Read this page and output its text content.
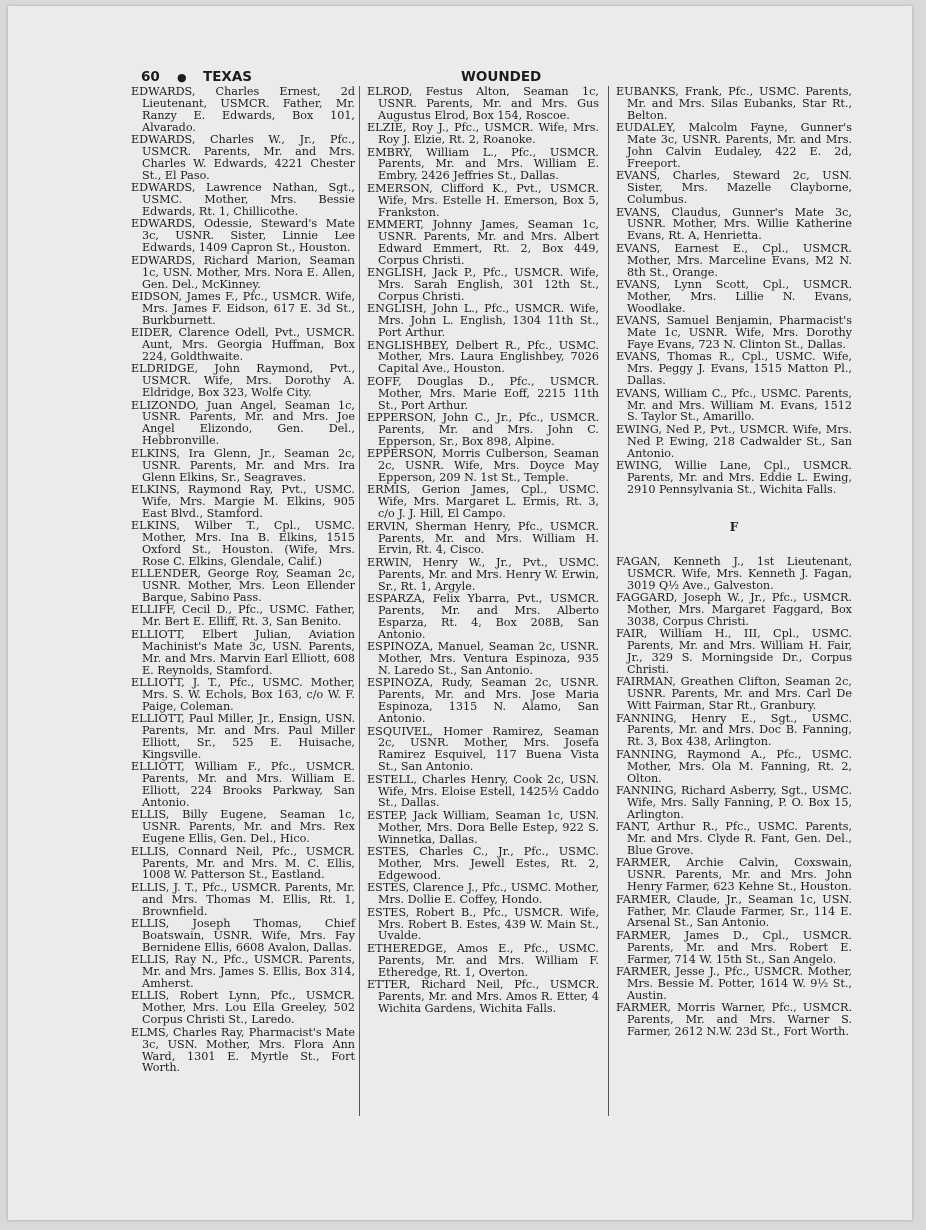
60 ● TEXAS	WOUNDED

EDWARDS, Charles Ernest, 2d Lieutenant, USMCR. Father, Mr. Ranzy E. Edwards, Box 101, Alvarado.

EDWARDS, Charles W., Jr., Pfc., USMCR. Parents, Mr. and Mrs. Charles W. Edwards, 4221 Chester St., El Paso.

EDWARDS, Lawrence Nathan, Sgt., USMC. Mother, Mrs. Bessie Edwards, Rt. 1, Chillicothe.

EDWARDS, Odessie, Steward's Mate 3c, USNR. Sister, Linnie Lee Edwards, 1409 Capron St., Houston.

EDWARDS, Richard Marion, Seaman 1c, USN. Mother, Mrs. Nora E. Allen, Gen. Del., McKinney.

EIDSON, James F., Pfc., USMCR. Wife, Mrs. James F. Eidson, 617 E. 3d St., Burkburnett.

EIDER, Clarence Odell, Pvt., USMCR. Aunt, Mrs. Georgia Huffman, Box 224, Goldthwaite.

ELDRIDGE, John Raymond, Pvt., USMCR. Wife, Mrs. Dorothy A. Eldridge, Box 323, Wolfe City.

ELIZONDO, Juan Angel, Seaman 1c, USNR. Parents, Mr. and Mrs. Joe Angel Elizondo, Gen. Del., Hebbronville.

ELKINS, Ira Glenn, Jr., Seaman 2c, USNR. Parents, Mr. and Mrs. Ira Glenn Elkins, Sr., Seagraves.

ELKINS, Raymond Ray, Pvt., USMC. Wife, Mrs. Margie M. Elkins, 905 East Blvd., Stamford.

ELKINS, Wilber T., Cpl., USMC. Mother, Mrs. Ina B. Elkins, 1515 Oxford St., Houston. (Wife, Mrs. Rose C. Elkins, Glendale, Calif.)

ELLENDER, George Roy, Seaman 2c, USNR. Mother, Mrs. Leon Ellender Barque, Sabino Pass.

ELLIFF, Cecil D., Pfc., USMC. Father, Mr. Bert E. Elliff, Rt. 3, San Benito.

ELLIOTT, Elbert Julian, Aviation Machinist's Mate 3c, USN. Parents, Mr. and Mrs. Marvin Earl Elliott, 608 E. Reynolds, Stamford.

ELLIOTT, J. T., Pfc., USMC. Mother, Mrs. S. W. Echols, Box 163, c/o W. F. Paige, Coleman.

ELLIOTT, Paul Miller, Jr., Ensign, USN. Parents, Mr. and Mrs. Paul Miller Elliott, Sr., 525 E. Huisache, Kingsville.

ELLIOTT, William F., Pfc., USMCR. Parents, Mr. and Mrs. William E. Elliott, 224 Brooks Parkway, San Antonio.

ELLIS, Billy Eugene, Seaman 1c, USNR. Parents, Mr. and Mrs. Rex Eugene Ellis, Gen. Del., Hico.

ELLIS, Connard Neil, Pfc., USMCR. Parents, Mr. and Mrs. M. C. Ellis, 1008 W. Patterson St., Eastland.

ELLIS, J. T., Pfc., USMCR. Parents, Mr. and Mrs. Thomas M. Ellis, Rt. 1, Brownfield.

ELLIS, Joseph Thomas, Chief Boatswain, USNR. Wife, Mrs. Fay Bernidene Ellis, 6608 Avalon, Dallas.

ELLIS, Ray N., Pfc., USMCR. Parents, Mr. and Mrs. James S. Ellis, Box 314, Amherst.

ELLIS, Robert Lynn, Pfc., USMCR. Mother, Mrs. Lou Ella Greeley, 502 Corpus Christi St., Laredo.

ELMS, Charles Ray, Pharmacist's Mate 3c, USN. Mother, Mrs. Flora Ann Ward, 1301 E. Myrtle St., Fort Worth.

ELROD, Festus Alton, Seaman 1c, USNR. Parents, Mr. and Mrs. Gus Augustus Elrod, Box 154, Roscoe.

ELZIE, Roy J., Pfc., USMCR. Wife, Mrs. Roy J. Elzie, Rt. 2, Roanoke.

EMBRY, William L., Pfc., USMCR. Parents, Mr. and Mrs. William E. Embry, 2426 Jeffries St., Dallas.

EMERSON, Clifford K., Pvt., USMCR. Wife, Mrs. Estelle H. Emerson, Box 5, Frankston.

EMMERT, Johnny James, Seaman 1c, USNR. Parents, Mr. and Mrs. Albert Edward Emmert, Rt. 2, Box 449, Corpus Christi.

ENGLISH, Jack P., Pfc., USMCR. Wife, Mrs. Sarah English, 301 12th St., Corpus Christi.

ENGLISH, John L., Pfc., USMCR. Wife, Mrs. John L. English, 1304 11th St., Port Arthur.

ENGLISHBEY, Delbert R., Pfc., USMC. Mother, Mrs. Laura Englishbey, 7026 Capital Ave., Houston.

EOFF, Douglas D., Pfc., USMCR. Mother, Mrs. Marie Eoff, 2215 11th St., Port Arthur.

EPPERSON, John C., Jr., Pfc., USMCR. Parents, Mr. and Mrs. John C. Epperson, Sr., Box 898, Alpine.

EPPERSON, Morris Culberson, Seaman 2c, USNR. Wife, Mrs. Doyce May Epperson, 209 N. 1st St., Temple.

ERMIS, Gerion James, Cpl., USMC. Wife, Mrs. Margaret L. Ermis, Rt. 3, c/o J. J. Hill, El Campo.

ERVIN, Sherman Henry, Pfc., USMCR. Parents, Mr. and Mrs. William H. Ervin, Rt. 4, Cisco.

ERWIN, Henry W., Jr., Pvt., USMC. Parents, Mr. and Mrs. Henry W. Erwin, Sr., Rt. 1, Argyle.

ESPARZA, Felix Ybarra, Pvt., USMCR. Parents, Mr. and Mrs. Alberto Esparza, Rt. 4, Box 208B, San Antonio.

ESPINOZA, Manuel, Seaman 2c, USNR. Mother, Mrs. Ventura Espinoza, 935 N. Laredo St., San Antonio.

ESPINOZA, Rudy, Seaman 2c, USNR. Parents, Mr. and Mrs. Jose Maria Espinoza, 1315 N. Alamo, San Antonio.

ESQUIVEL, Homer Ramirez, Seaman 2c, USNR. Mother, Mrs. Josefa Ramirez Esquivel, 117 Buena Vista St., San Antonio.

ESTELL, Charles Henry, Cook 2c, USN. Wife, Mrs. Eloise Estell, 1425½ Caddo St., Dallas.

ESTEP, Jack William, Seaman 1c, USN. Mother, Mrs. Dora Belle Estep, 922 S. Winnetka, Dallas.

ESTES, Charles C., Jr., Pfc., USMC. Mother, Mrs. Jewell Estes, Rt. 2, Edgewood.

ESTES, Clarence J., Pfc., USMC. Mother, Mrs. Dollie E. Coffey, Hondo.

ESTES, Robert B., Pfc., USMCR. Wife, Mrs. Robert B. Estes, 439 W. Main St., Uvalde.

ETHEREDGE, Amos E., Pfc., USMC. Parents, Mr. and Mrs. William F. Etheredge, Rt. 1, Overton.

ETTER, Richard Neil, Pfc., USMCR. Parents, Mr. and Mrs. Amos R. Etter, 4 Wichita Gardens, Wichita Falls.

EUBANKS, Frank, Pfc., USMC. Parents, Mr. and Mrs. Silas Eubanks, Star Rt., Belton.

EUDALEY, Malcolm Fayne, Gunner's Mate 3c, USNR. Parents, Mr. and Mrs. John Calvin Eudaley, 422 E. 2d, Freeport.

EVANS, Charles, Steward 2c, USN. Sister, Mrs. Mazelle Clayborne, Columbus.

EVANS, Claudus, Gunner's Mate 3c, USNR. Mother, Mrs. Willie Katherine Evans, Rt. A, Henrietta.

EVANS, Earnest E., Cpl., USMCR. Mother, Mrs. Marceline Evans, M2 N. 8th St., Orange.

EVANS, Lynn Scott, Cpl., USMCR. Mother, Mrs. Lillie N. Evans, Woodlake.

EVANS, Samuel Benjamin, Pharmacist's Mate 1c, USNR. Wife, Mrs. Dorothy Faye Evans, 723 N. Clinton St., Dallas.

EVANS, Thomas R., Cpl., USMC. Wife, Mrs. Peggy J. Evans, 1515 Matton Pl., Dallas.

EVANS, William C., Pfc., USMC. Parents, Mr. and Mrs. William M. Evans, 1512 S. Taylor St., Amarillo.

EWING, Ned P., Pvt., USMCR. Wife, Mrs. Ned P. Ewing, 218 Cadwalder St., San Antonio.

EWING, Willie Lane, Cpl., USMCR. Parents, Mr. and Mrs. Eddie L. Ewing, 2910 Pennsylvania St., Wichita Falls.

F

FAGAN, Kenneth J., 1st Lieutenant, USMCR. Wife, Mrs. Kenneth J. Fagan, 3019 Q½ Ave., Galveston.

FAGGARD, Joseph W., Jr., Pfc., USMCR. Mother, Mrs. Margaret Faggard, Box 3038, Corpus Christi.

FAIR, William H., III, Cpl., USMC. Parents, Mr. and Mrs. William H. Fair, Jr., 329 S. Morningside Dr., Corpus Christi.

FAIRMAN, Greathen Clifton, Seaman 2c, USNR. Parents, Mr. and Mrs. Carl De Witt Fairman, Star Rt., Granbury.

FANNING, Henry E., Sgt., USMC. Parents, Mr. and Mrs. Doc B. Fanning, Rt. 3, Box 438, Arlington.

FANNING, Raymond A., Pfc., USMC. Mother, Mrs. Ola M. Fanning, Rt. 2, Olton.

FANNING, Richard Asberry, Sgt., USMC. Wife, Mrs. Sally Fanning, P. O. Box 15, Arlington.

FANT, Arthur R., Pfc., USMC. Parents, Mr. and Mrs. Clyde R. Fant, Gen. Del., Blue Grove.

FARMER, Archie Calvin, Coxswain, USNR. Parents, Mr. and Mrs. John Henry Farmer, 623 Kehne St., Houston.

FARMER, Claude, Jr., Seaman 1c, USN. Father, Mr. Claude Farmer, Sr., 114 E. Arsenal St., San Antonio.

FARMER, James D., Cpl., USMCR. Parents, Mr. and Mrs. Robert E. Farmer, 714 W. 15th St., San Angelo.

FARMER, Jesse J., Pfc., USMCR. Mother, Mrs. Bessie M. Potter, 1614 W. 9½ St., Austin.

FARMER, Morris Warner, Pfc., USMCR. Parents, Mr. and Mrs. Warner S. Farmer, 2612 N.W. 23d St., Fort Worth.
